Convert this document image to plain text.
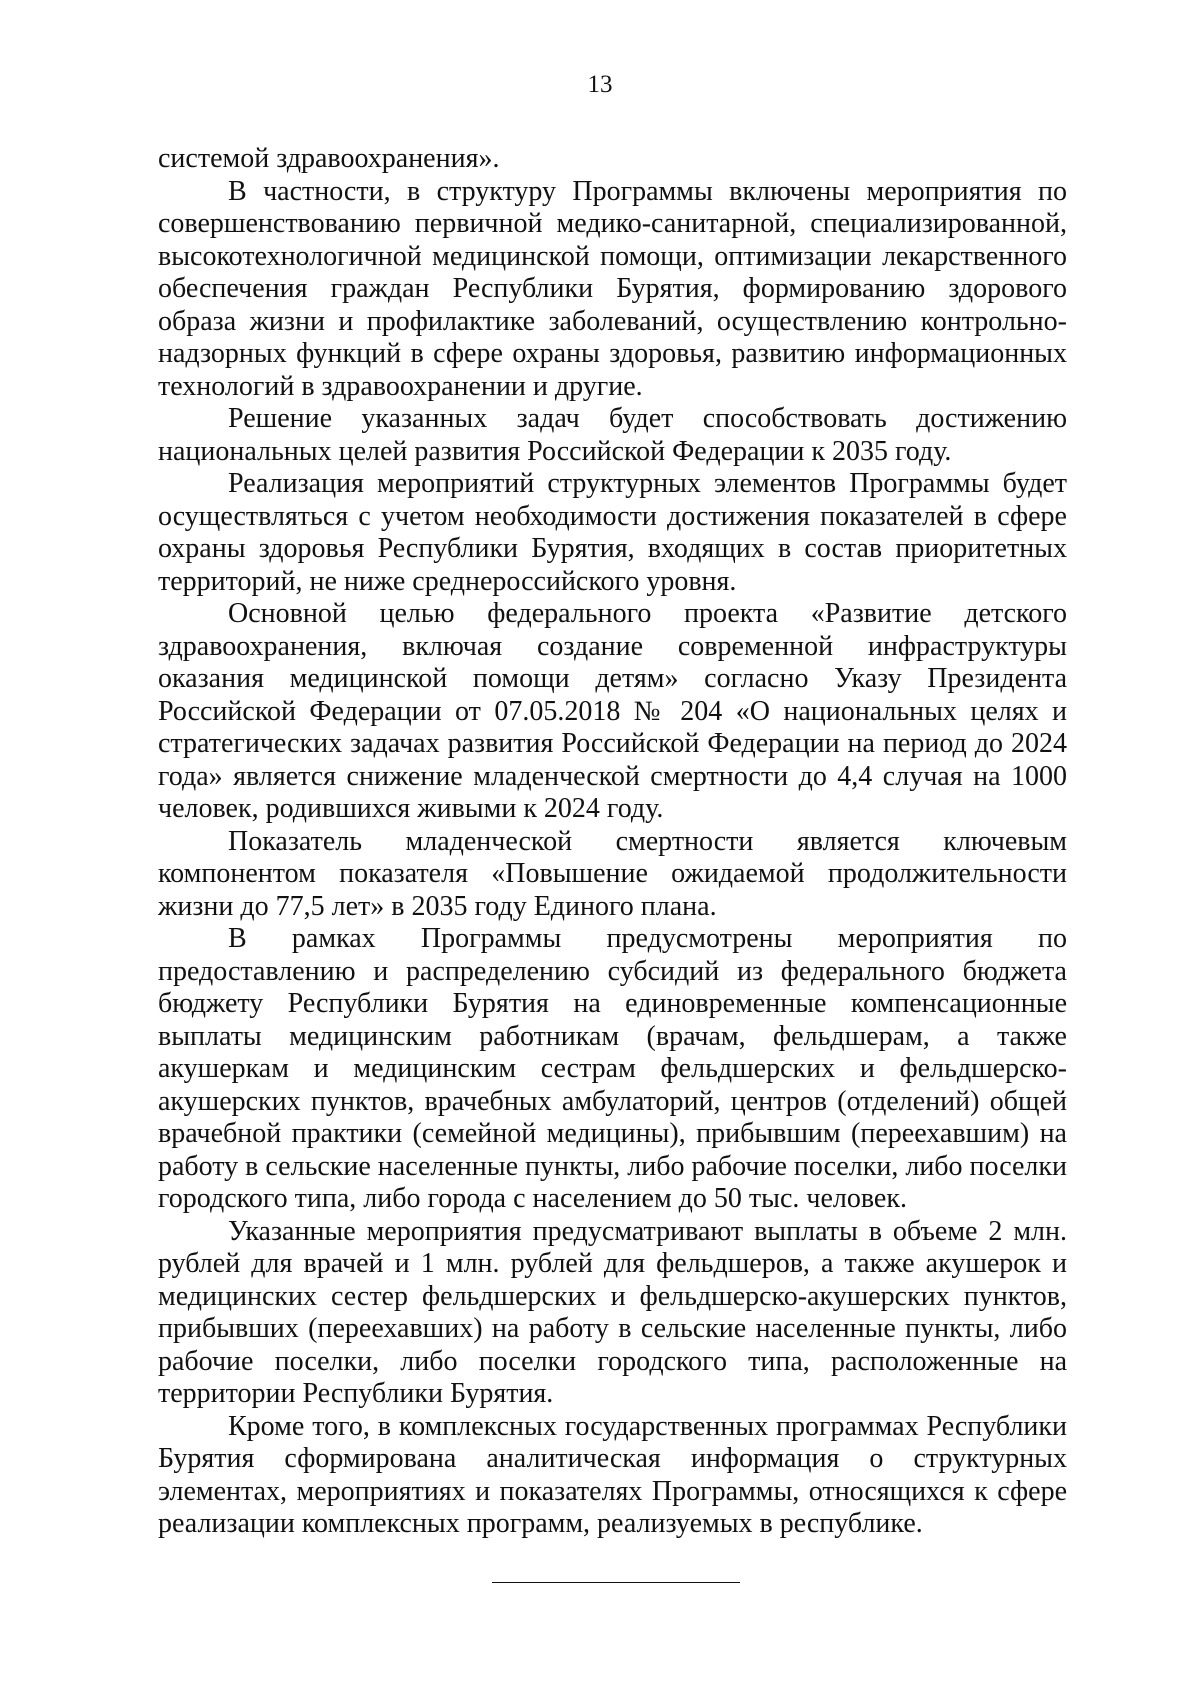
13

системой здравоохранения».

В частности, в структуру Программы включены мероприятия по совершенствованию первичной медико-санитарной, специализированной, высокотехнологичной медицинской помощи, оптимизации лекарственного обеспечения граждан Республики Бурятия, формированию здорового образа жизни и профилактике заболеваний, осуществлению контрольно-надзорных функций в сфере охраны здоровья, развитию информационных технологий в здравоохранении и другие.

Решение указанных задач будет способствовать достижению национальных целей развития Российской Федерации к 2035 году.

Реализация мероприятий структурных элементов Программы будет осуществляться с учетом необходимости достижения показателей в сфере охраны здоровья Республики Бурятия, входящих в состав приоритетных территорий, не ниже среднероссийского уровня.

Основной целью федерального проекта «Развитие детского здравоохранения, включая создание современной инфраструктуры оказания медицинской помощи детям» согласно Указу Президента Российской Федерации от 07.05.2018 № 204 «О национальных целях и стратегических задачах развития Российской Федерации на период до 2024 года» является снижение младенческой смертности до 4,4 случая на 1000 человек, родившихся живыми к 2024 году.

Показатель младенческой смертности является ключевым компонентом показателя «Повышение ожидаемой продолжительности жизни до 77,5 лет» в 2035 году Единого плана.

В рамках Программы предусмотрены мероприятия по предоставлению и распределению субсидий из федерального бюджета бюджету Республики Бурятия на единовременные компенсационные выплаты медицинским работникам (врачам, фельдшерам, а также акушеркам и медицинским сестрам фельдшерских и фельдшерско-акушерских пунктов, врачебных амбулаторий, центров (отделений) общей врачебной практики (семейной медицины), прибывшим (переехавшим) на работу в сельские населенные пункты, либо рабочие поселки, либо поселки городского типа, либо города с населением до 50 тыс. человек.

Указанные мероприятия предусматривают выплаты в объеме 2 млн. рублей для врачей и 1 млн. рублей для фельдшеров, а также акушерок и медицинских сестер фельдшерских и фельдшерско-акушерских пунктов, прибывших (переехавших) на работу в сельские населенные пункты, либо рабочие поселки, либо поселки городского типа, расположенные на территории Республики Бурятия.

Кроме того, в комплексных государственных программах Республики Бурятия сформирована аналитическая информация о структурных элементах, мероприятиях и показателях Программы, относящихся к сфере реализации комплексных программ, реализуемых в республике.
